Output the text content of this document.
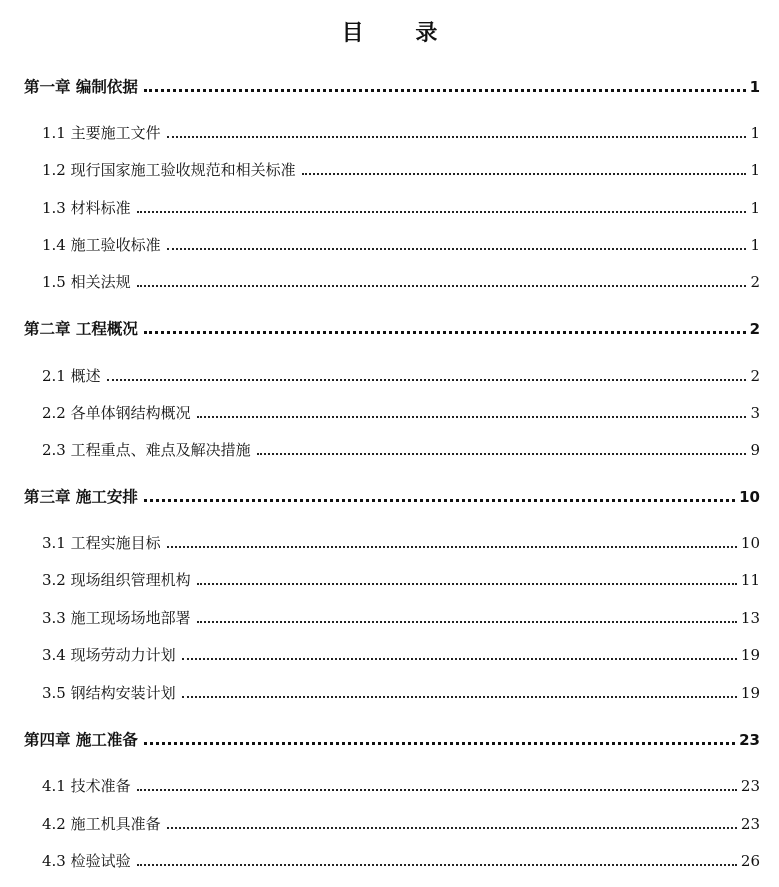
目 录
第一章 编制依据	1
1.1 主要施工文件	1
1.2 现行国家施工验收规范和相关标准	1
1.3 材料标准	1
1.4 施工验收标准	1
1.5 相关法规	2
第二章 工程概况	2
2.1 概述	2
2.2 各单体钢结构概况	3
2.3 工程重点、难点及解决措施	9
第三章 施工安排	10
3.1 工程实施目标	10
3.2 现场组织管理机构	11
3.3 施工现场场地部署	13
3.4 现场劳动力计划	19
3.5 钢结构安装计划	19
第四章 施工准备	23
4.1 技术准备	23
4.2 施工机具准备	23
4.3 检验试验	26
